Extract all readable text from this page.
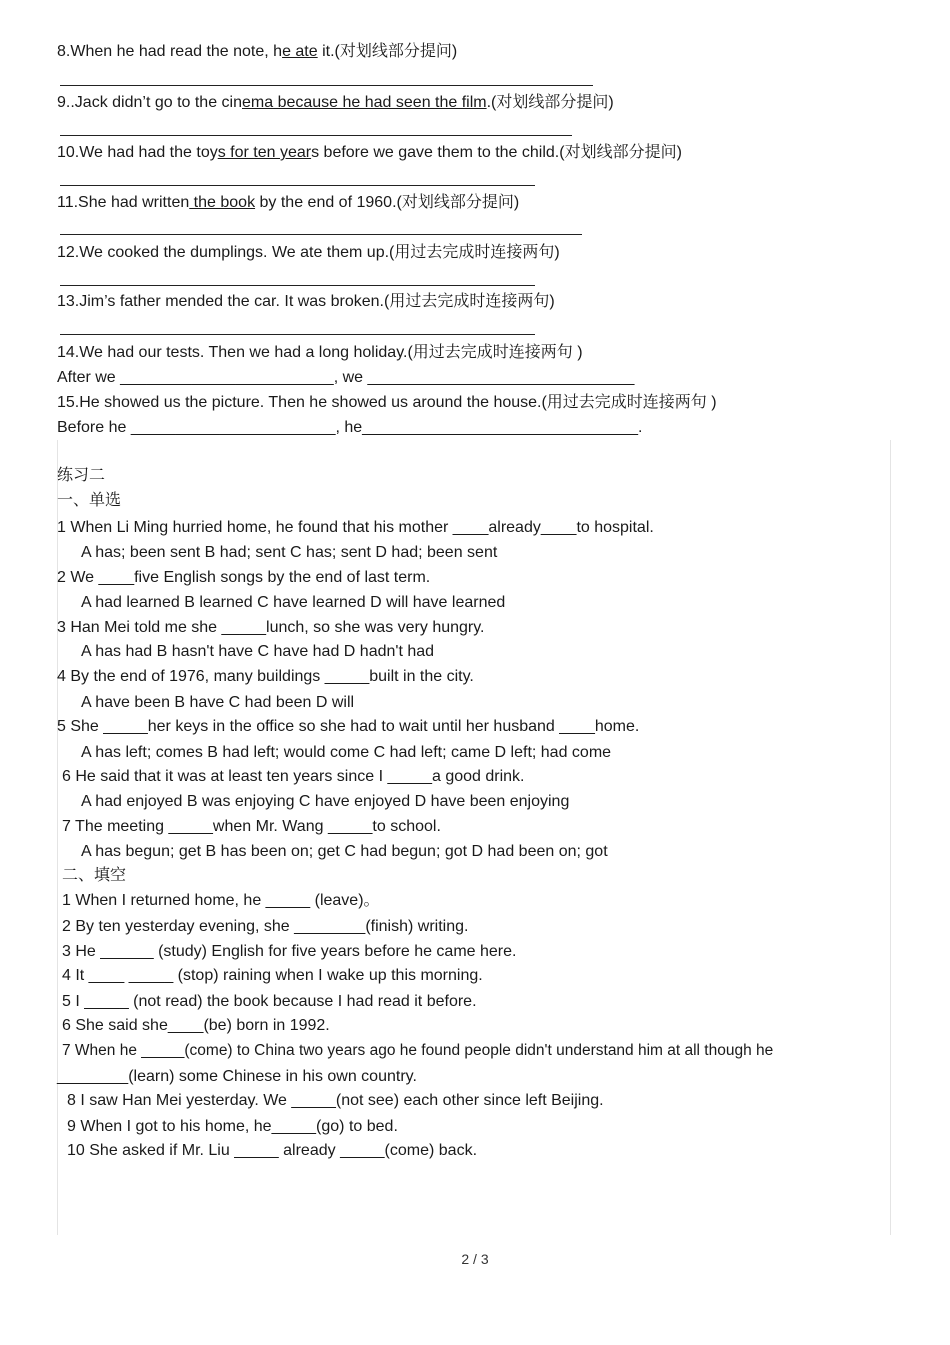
8.When he had read the note, he ate it.(对划线部分提问)
9..Jack didn’t go to the cinema because he had seen the film.(对划线部分提问)
10.We had had the toys for ten years before we gave them to the child.(对划线部分提问)
11.She had written the book by the end of 1960.(对划线部分提问)
12.We cooked the dumplings. We ate them up.(用过去完成时连接两句)
13.Jim’s father mended the car. It was broken.(用过去完成时连接两句)
14.We had our tests. Then we had a long holiday.(用过去完成时连接两句 )
After we ________________________, we ______________________________
15.He showed us the picture. Then he showed us around the house.(用过去完成时连接两句 )
Before he _______________________, he_______________________________.
练习二
一、单选
1 When Li Ming hurried home, he found that his mother ____already____to hospital.
A has; been sent B had; sent C has; sent D had; been sent
2 We ____five English songs by the end of last term.
A had learned B learned C have learned D will have learned
3 Han Mei told me she _____lunch, so she was very hungry.
A has had B hasn't have C have had D hadn't had
4 By the end of 1976, many buildings _____built in the city.
A have been B have C had been D will
5 She _____her keys in the office so she had to wait until her husband ____home.
A has left; comes B had left; would come C had left; came D left; had come
6 He said that it was at least ten years since I _____a good drink.
A had enjoyed B was enjoying C have enjoyed D have been enjoying
7 The meeting _____when Mr. Wang _____to school.
A has begun; get B has been on; get C had begun; got D had been on; got
二、填空
1 When I returned home, he _____ (leave)。
2 By ten yesterday evening, she ________(finish) writing.
3 He ______ (study) English for five years before he came here.
4 It ____ _____ (stop) raining when I wake up this morning.
5 I _____ (not read) the book because I had read it before.
6 She said she____(be) born in 1992.
7 When he _____(come) to China two years ago he found people didn't understand him at all though he
________(learn) some Chinese in his own country.
8 I saw Han Mei yesterday. We _____(not see) each other since left Beijing.
9 When I got to his home, he_____(go) to bed.
10 She asked if Mr. Liu _____ already _____(come) back.
2 / 3
